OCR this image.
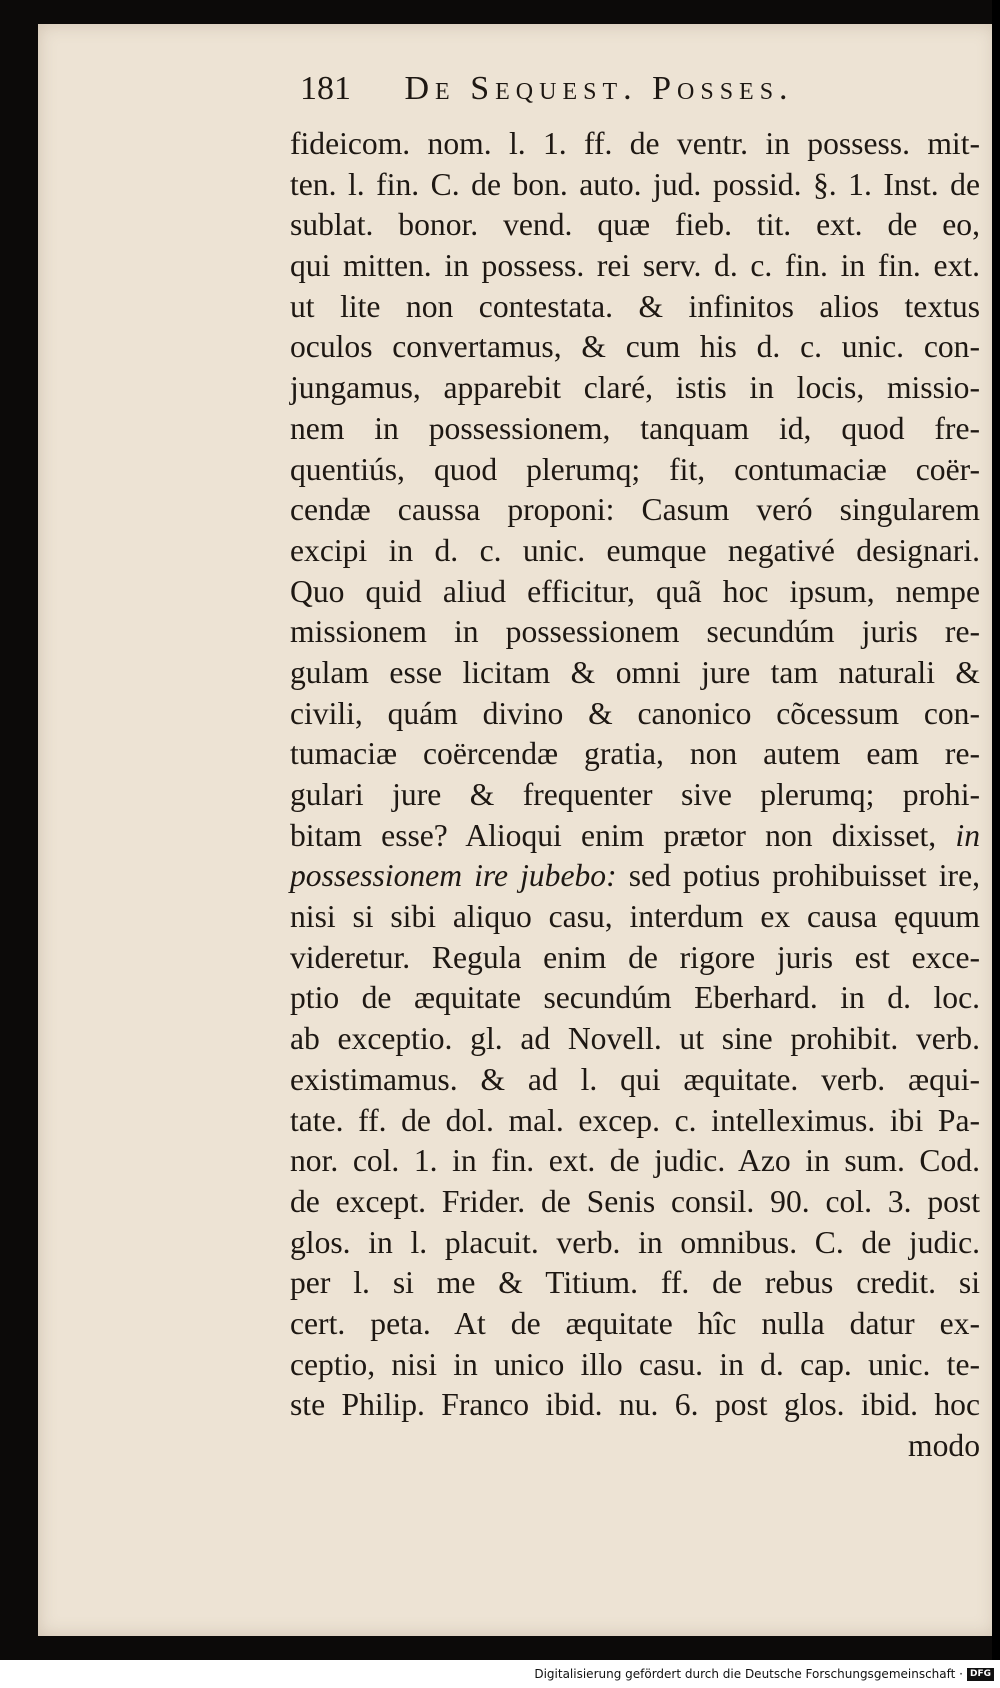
181 De Sequest. Posses.
fideicom. nom. l. 1. ff. de ventr. in possess. mit-
ten. l. fin. C. de bon. auto. jud. possid. §. 1. Inst. de
sublat. bonor. vend. quæ fieb. tit. ext. de eo,
qui mitten. in possess. rei serv. d. c. fin. in fin. ext.
ut lite non contestata. & infinitos alios textus
oculos convertamus, & cum his d. c. unic. con-
jungamus, apparebit claré, istis in locis, missio-
nem in possessionem, tanquam id, quod fre-
quentiús, quod plerumq; fit, contumaciæ coër-
cendæ caussa proponi: Casum veró singularem
excipi in d. c. unic. eumque negativé designari.
Quo quid aliud efficitur, quã hoc ipsum, nempe
missionem in possessionem secundúm juris re-
gulam esse licitam & omni jure tam naturali &
civili, quám divino & canonico cõcessum con-
tumaciæ coërcendæ gratia, non autem eam re-
gulari jure & frequenter sive plerumq; prohi-
bitam esse? Alioqui enim prætor non dixisset, in
possessionem ire jubebo: sed potius prohibuisset ire,
nisi si sibi aliquo casu, interdum ex causa ęquum
videretur. Regula enim de rigore juris est exce-
ptio de æquitate secundúm Eberhard. in d. loc.
ab exceptio. gl. ad Novell. ut sine prohibit. verb.
existimamus. & ad l. qui æquitate. verb. æqui-
tate. ff. de dol. mal. excep. c. intelleximus. ibi Pa-
nor. col. 1. in fin. ext. de judic. Azo in sum. Cod.
de except. Frider. de Senis consil. 90. col. 3. post
glos. in l. placuit. verb. in omnibus. C. de judic.
per l. si me & Titium. ff. de rebus credit. si
cert. peta. At de æquitate hîc nulla datur ex-
ceptio, nisi in unico illo casu. in d. cap. unic. te-
ste Philip. Franco ibid. nu. 6. post glos. ibid. hoc
modo
Digitalisierung gefördert durch die Deutsche Forschungsgemeinschaft · DFG
